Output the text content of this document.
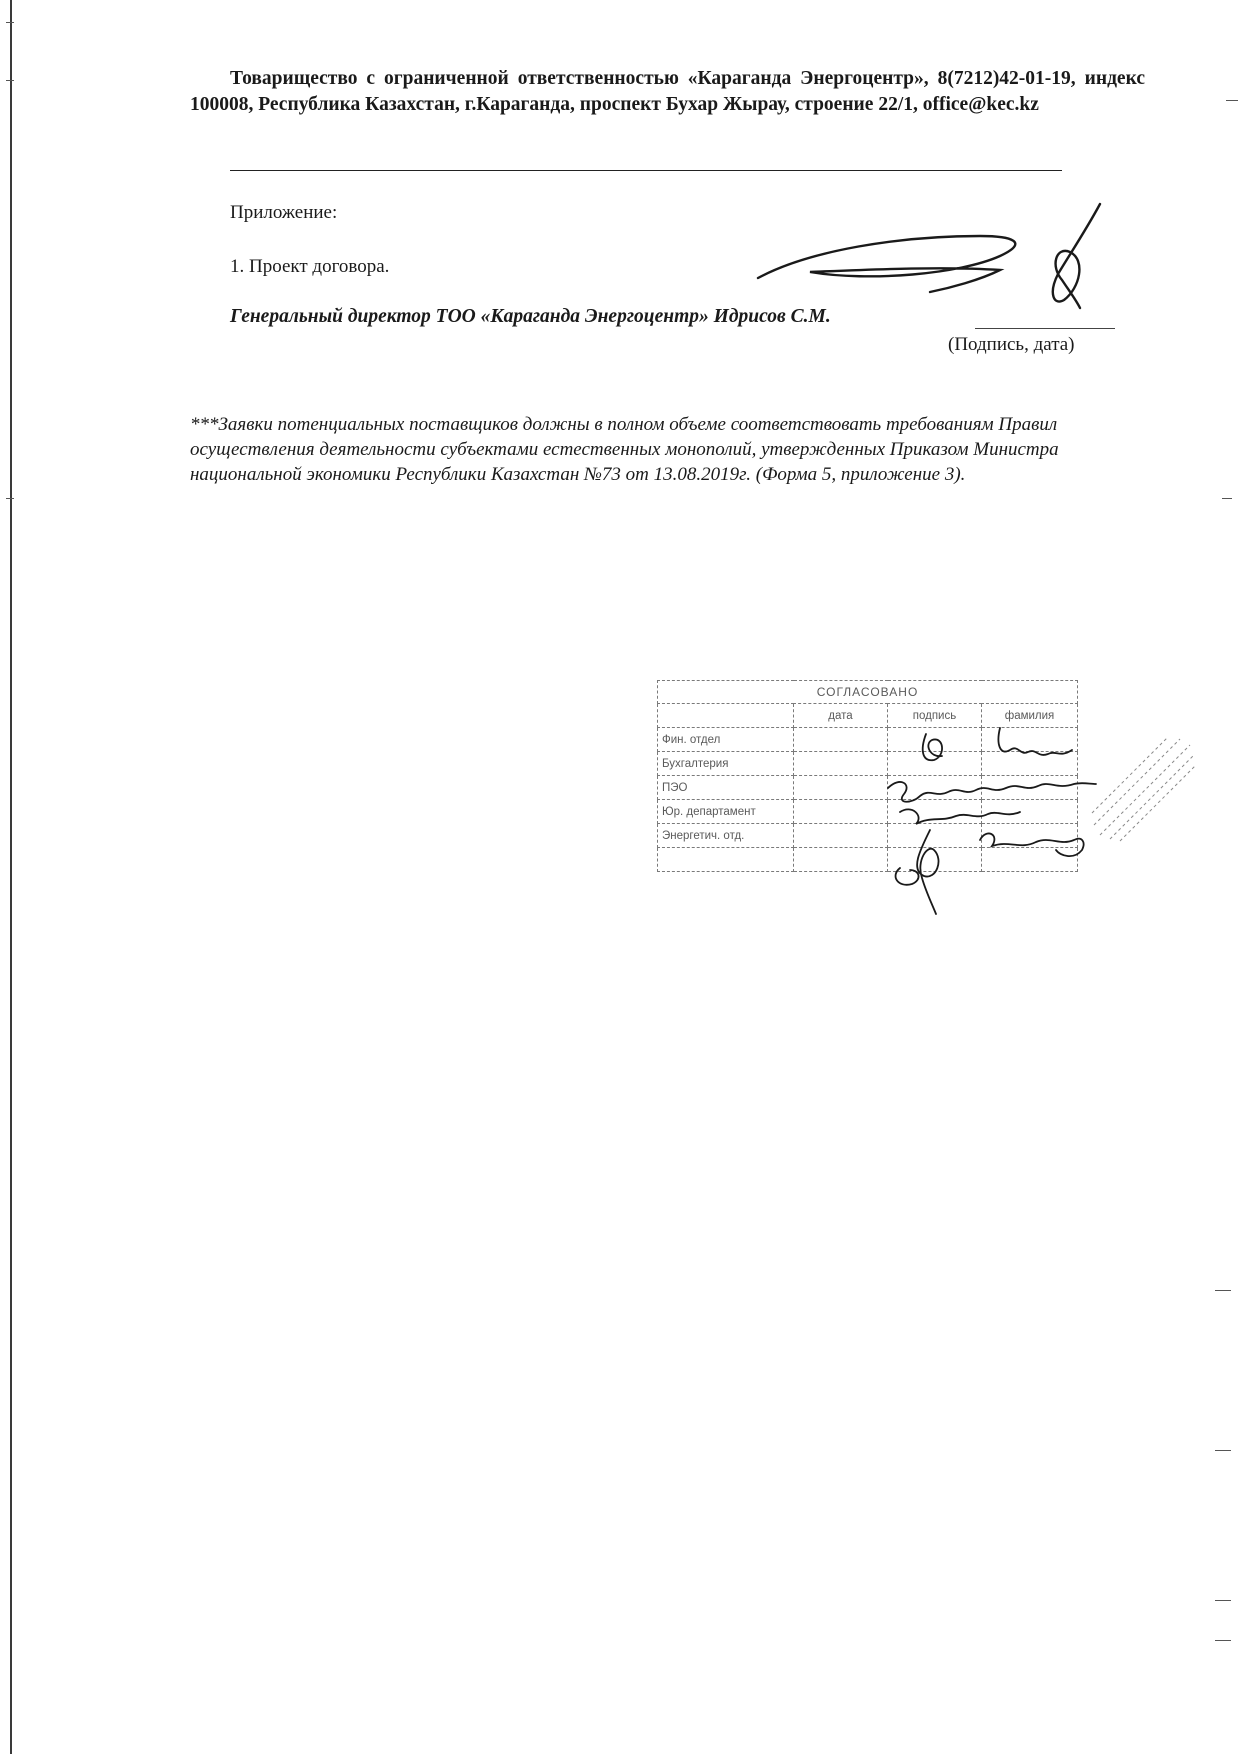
Товарищество с ограниченной ответственностью «Караганда Энергоцентр», 8(7212)42-01-19, индекс 100008, Республика Казахстан, г.Караганда, проспект Бухар Жырау, строение 22/1, office@kec.kz
Приложение:
1. Проект договора.
Генеральный директор ТОО «Караганда Энергоцентр» Идрисов С.М.
(Подпись, дата)
***Заявки потенциальных поставщиков должны в полном объеме соответствовать требованиям Правил осуществления деятельности субъектами естественных монополий, утвержденных Приказом Министра национальной экономики Республики Казахстан №73 от 13.08.2019г. (Форма 5, приложение 3).
СОГЛАСОВАНО			
	дата	подпись	фамилия
Фин. отдел			
Бухгалтерия			
ПЭО			
Юр. департамент			
Энергетич. отд.			
